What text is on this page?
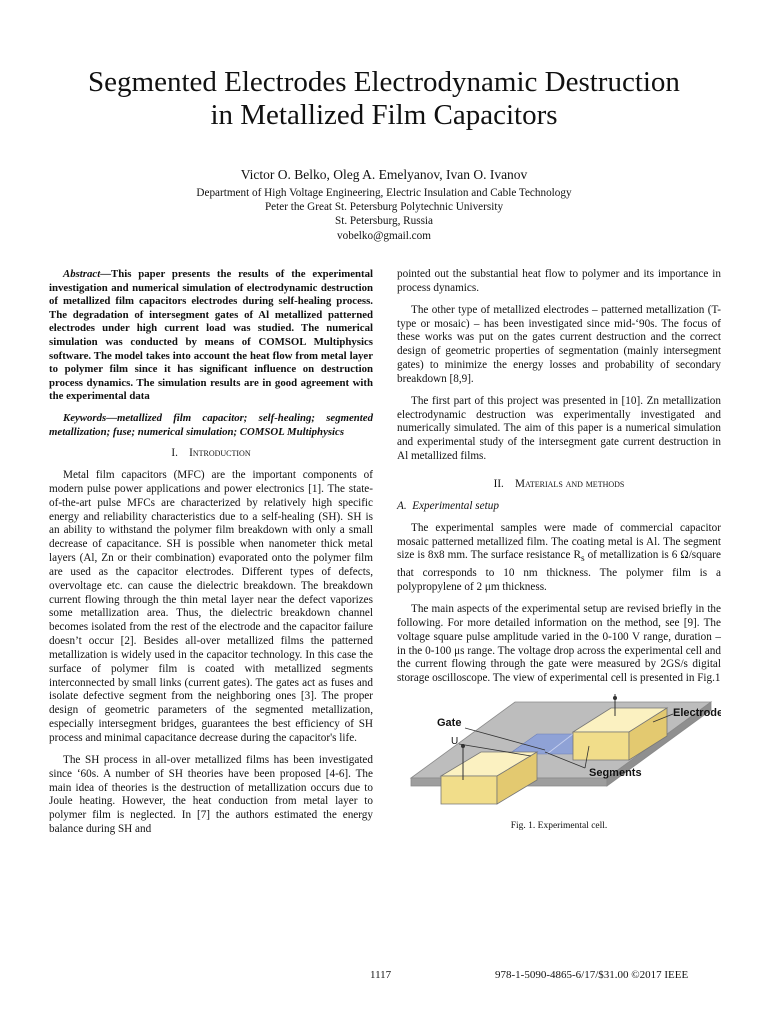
Segmented Electrodes Electrodynamic Destruction
in Metallized Film Capacitors
Victor O. Belko, Oleg A. Emelyanov, Ivan O. Ivanov
Department of High Voltage Engineering, Electric Insulation and Cable Technology
Peter the Great St. Petersburg Polytechnic University
St. Petersburg, Russia
vobelko@gmail.com

Abstract—This paper presents the results of the experimental investigation and numerical simulation of electrodynamic destruction of metallized film capacitors electrodes during self-healing process. The degradation of intersegment gates of Al metallized patterned electrodes under high current load was studied. The numerical simulation was conducted by means of COMSOL Multiphysics software. The model takes into account the heat flow from metal layer to polymer film since it has significant influence on destruction process dynamics. The simulation results are in good agreement with the experimental data

Keywords—metallized film capacitor; self-healing; segmented metallization; fuse; numerical simulation; COMSOL Multiphysics

I. Introduction

Metal film capacitors (MFC) are the important components of modern pulse power applications and power electronics [1]. The state-of-the-art pulse MFCs are characterized by relatively high specific energy and reliability characteristics due to a self-healing (SH). SH is an ability to withstand the polymer film breakdown with only a small decrease of capacitance. SH is possible when nanometer thick metal layers (Al, Zn or their combination) evaporated onto the polymer film are used as the capacitor electrodes. Different types of defects, overvoltage etc. can cause the dielectric breakdown. The breakdown current flowing through the thin metal layer near the defect vaporizes some metallization area. Thus, the dielectric breakdown channel becomes isolated from the rest of the electrode and the capacitor failure doesn’t occur [2]. Besides all-over metallized films the patterned metallization is widely used in the capacitor technology. In this case the surface of polymer film is coated with metallized segments interconnected by small links (current gates). The gates act as fuses and isolate defective segment from the neighboring ones [3]. The proper design of geometric parameters of the segmented metallization, especially intersegment bridges, guarantees the best efficiency of SH process and minimal capacitance decrease during the capacitor's life.

The SH process in all-over metallized films has been investigated since ‘60s. A number of SH theories have been proposed [4-6]. The main idea of theories is the destruction of metallization occurs due to Joule heating. However, the heat conduction from metal layer to polymer film is neglected. In [7] the authors estimated the energy balance during SH and

pointed out the substantial heat flow to polymer and its importance in process dynamics.

The other type of metallized electrodes – patterned metallization (T-type or mosaic) – has been investigated since mid-‘90s. The focus of these works was put on the gates current destruction and the correct design of geometric properties of segmentation (mainly intersegment gates) to minimize the energy losses and probability of secondary breakdown [8,9].

The first part of this project was presented in [10]. Zn metallization electrodynamic destruction was experimentally investigated and numerically simulated. The aim of this paper is a numerical simulation and experimental study of the intersegment gate current destruction in Al metallized films.

II. Materials and methods

A. Experimental setup

The experimental samples were made of commercial capacitor mosaic patterned metallized film. The coating metal is Al. The segment size is 8x8 mm. The surface resistance $R_s$ of metallization is 6 Ω/square that corresponds to 10 nm thickness. The polymer film is a polypropylene of 2 μm thickness.

The main aspects of the experimental setup are revised briefly in the following. For more detailed information on the method, see [9]. The voltage square pulse amplitude varied in the 0-100 V range, duration – in the 0-100 μs range. The voltage drop across the experimental cell and the current flowing through the gate were measured by 2GS/s digital storage oscilloscope. The view of experimental cell is presented in Fig.1

Gate
U
Electrode
Segments

Fig. 1. Experimental cell.

1117	978-1-5090-4865-6/17/$31.00 ©2017 IEEE
